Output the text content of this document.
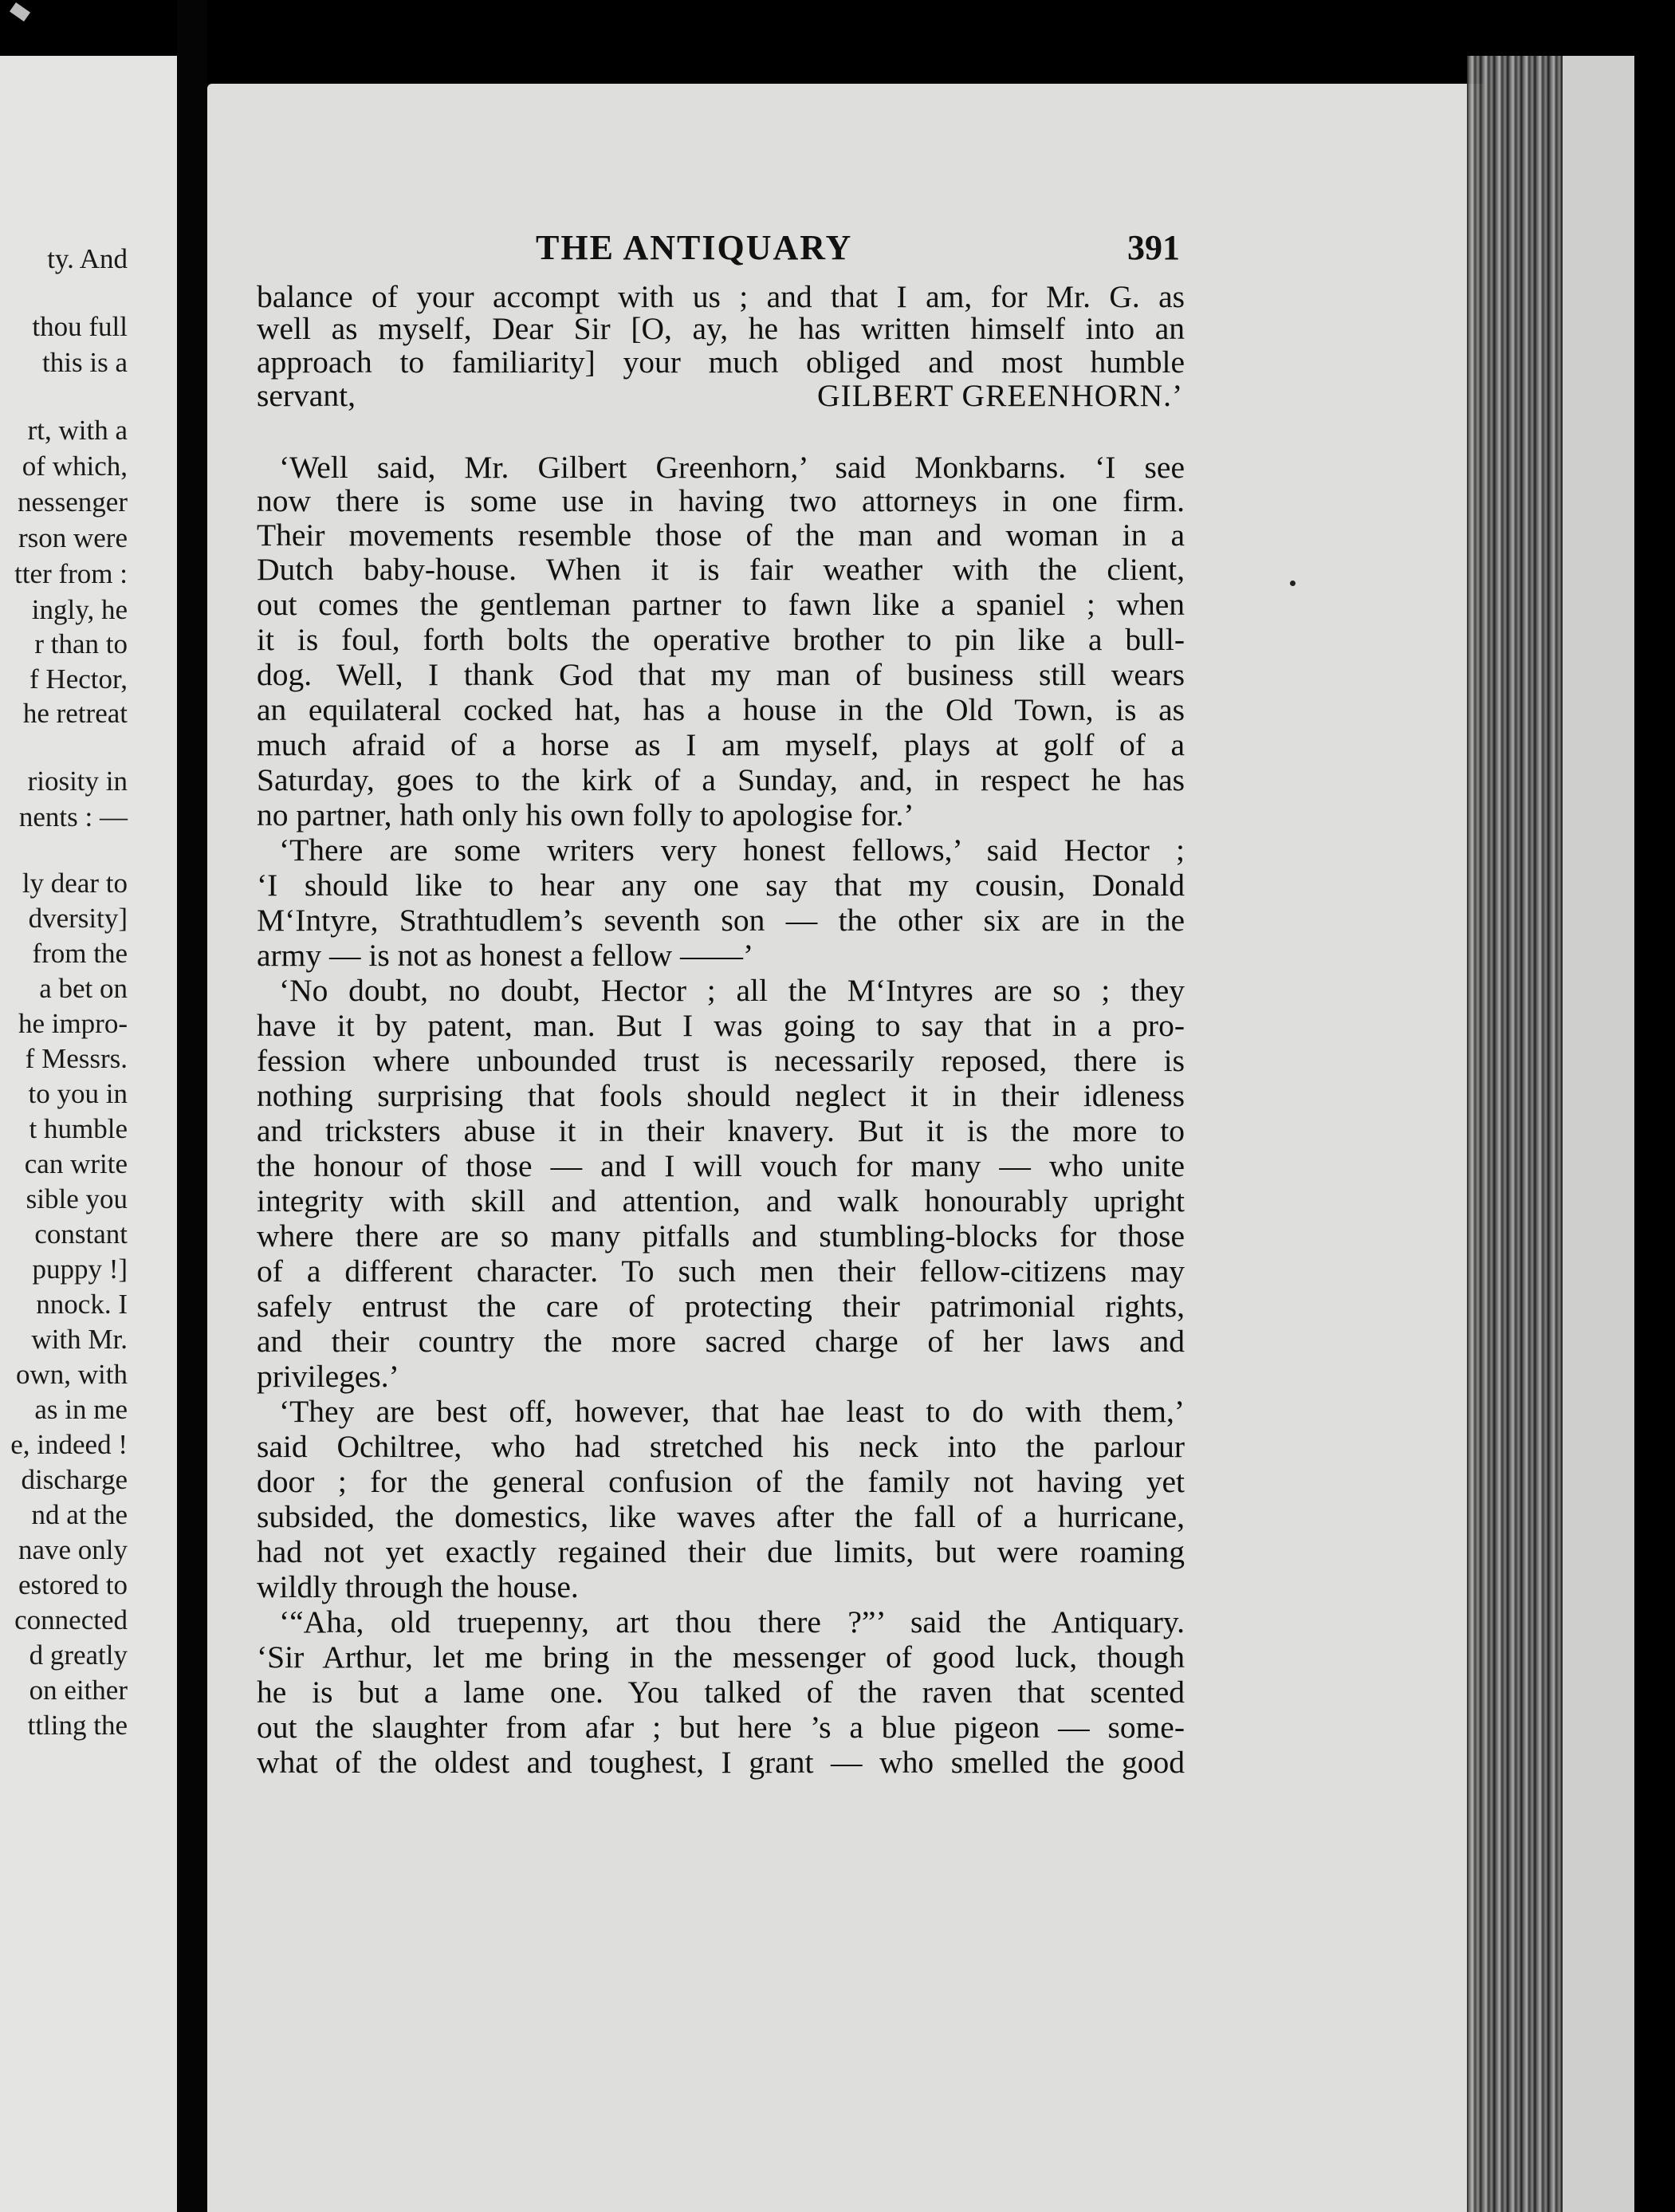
ty. And
thou full
this is a
rt, with a
of which,
nessenger
rson were
tter from :
ingly, he
r than to
f Hector,
he retreat
riosity in
nents : —
ly dear to
dversity]
from the
a bet on
he impro-
f Messrs.
to you in
t humble
can write
sible you
constant
puppy !]
nnock. I
with Mr.
own, with
as in me
e, indeed !
discharge
nd at the
nave only
estored to
connected
d greatly
on either
ttling the
THE ANTIQUARY	391
balance of your accompt with us ; and that I am, for Mr. G. as
well as myself, Dear Sir [O, ay, he has written himself into an
approach to familiarity] your much obliged and most humble
servant,	GILBERT GREENHORN.’
‘Well said, Mr. Gilbert Greenhorn,’ said Monkbarns. ‘I see
now there is some use in having two attorneys in one firm.
Their movements resemble those of the man and woman in a
Dutch baby-house. When it is fair weather with the client,
out comes the gentleman partner to fawn like a spaniel ; when
it is foul, forth bolts the operative brother to pin like a bull-
dog. Well, I thank God that my man of business still wears
an equilateral cocked hat, has a house in the Old Town, is as
much afraid of a horse as I am myself, plays at golf of a
Saturday, goes to the kirk of a Sunday, and, in respect he has
no partner, hath only his own folly to apologise for.’
‘There are some writers very honest fellows,’ said Hector ;
‘I should like to hear any one say that my cousin, Donald
M‘Intyre, Strathtudlem’s seventh son — the other six are in the
army — is not as honest a fellow ——’
‘No doubt, no doubt, Hector ; all the M‘Intyres are so ; they
have it by patent, man. But I was going to say that in a pro-
fession where unbounded trust is necessarily reposed, there is
nothing surprising that fools should neglect it in their idleness
and tricksters abuse it in their knavery. But it is the more to
the honour of those — and I will vouch for many — who unite
integrity with skill and attention, and walk honourably upright
where there are so many pitfalls and stumbling-blocks for those
of a different character. To such men their fellow-citizens may
safely entrust the care of protecting their patrimonial rights,
and their country the more sacred charge of her laws and
privileges.’
‘They are best off, however, that hae least to do with them,’
said Ochiltree, who had stretched his neck into the parlour
door ; for the general confusion of the family not having yet
subsided, the domestics, like waves after the fall of a hurricane,
had not yet exactly regained their due limits, but were roaming
wildly through the house.
‘“Aha, old truepenny, art thou there ?”’ said the Antiquary.
‘Sir Arthur, let me bring in the messenger of good luck, though
he is but a lame one. You talked of the raven that scented
out the slaughter from afar ; but here ’s a blue pigeon — some-
what of the oldest and toughest, I grant — who smelled the good
